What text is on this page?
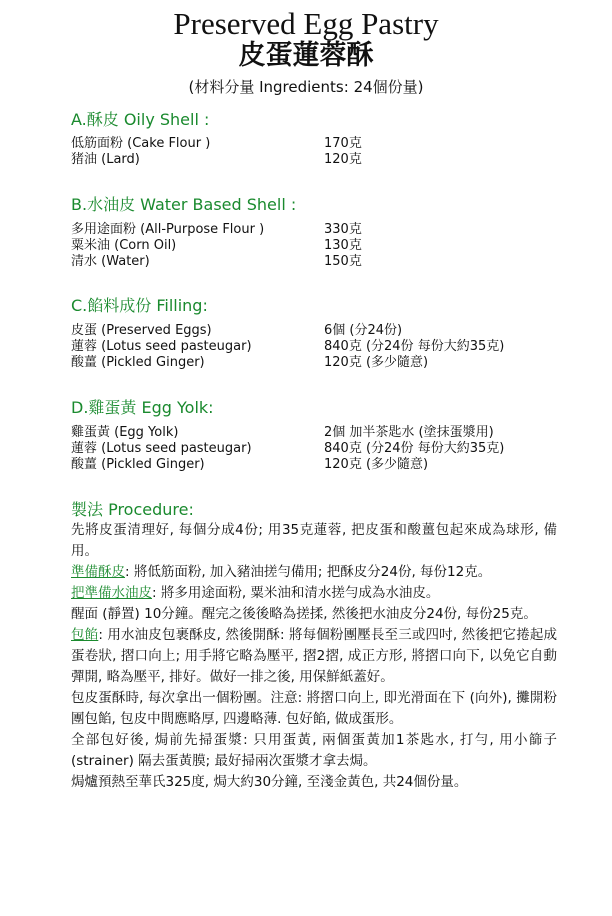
Preserved Egg Pastry
皮蛋蓮蓉酥
(材料分量 Ingredients: 24個份量)
A.酥皮 Oily Shell :
低筋面粉 (Cake Flour )	170克
猪油 (Lard)	120克
B.水油皮 Water Based Shell :
多用途面粉 (All-Purpose Flour )	330克
粟米油 (Corn Oil)	130克
清水 (Water)	150克
C.餡料成份 Filling:
皮蛋 (Preserved Eggs)	6個 (分24份)
蓮蓉 (Lotus seed pasteugar)	840克 (分24份 每份大約35克)
酸薑 (Pickled Ginger)	120克 (多少隨意)
D.雞蛋黃 Egg Yolk:
雞蛋黃 (Egg Yolk)	2個 加半茶匙水 (塗抹蛋漿用)
蓮蓉 (Lotus seed pasteugar)	840克 (分24份 每份大約35克)
酸薑 (Pickled Ginger)	120克 (多少隨意)
製法 Procedure:

先將皮蛋清理好, 每個分成4份; 用35克蓮蓉, 把皮蛋和酸薑包起來成為球形, 備用。

準備酥皮: 將低筋面粉, 加入豬油搓勻備用; 把酥皮分24份, 每份12克。

把準備水油皮: 將多用途面粉, 粟米油和清水搓勻成為水油皮。

醒面 (靜置) 10分鐘。醒完之後後略為搓揉, 然後把水油皮分24份, 每份25克。

包餡: 用水油皮包裹酥皮, 然後開酥: 將每個粉團壓長至三或四吋, 然後把它捲起成蛋卷狀, 摺口向上; 用手將它略為壓平, 摺2摺, 成正方形, 將摺口向下, 以免它自動彈開, 略為壓平, 排好。做好一排之後, 用保鮮紙蓋好。

包皮蛋酥時, 每次拿出一個粉團。注意: 將摺口向上, 即光滑面在下 (向外), 攤開粉團包餡, 包皮中間應略厚, 四邊略薄. 包好餡, 做成蛋形。

全部包好後, 焗前先掃蛋漿: 只用蛋黃, 兩個蛋黃加1茶匙水, 打勻, 用小篩子 (strainer) 隔去蛋黃膜; 最好掃兩次蛋漿才拿去焗。

焗爐預熱至華氏325度, 焗大約30分鐘, 至淺金黃色, 共24個份量。
